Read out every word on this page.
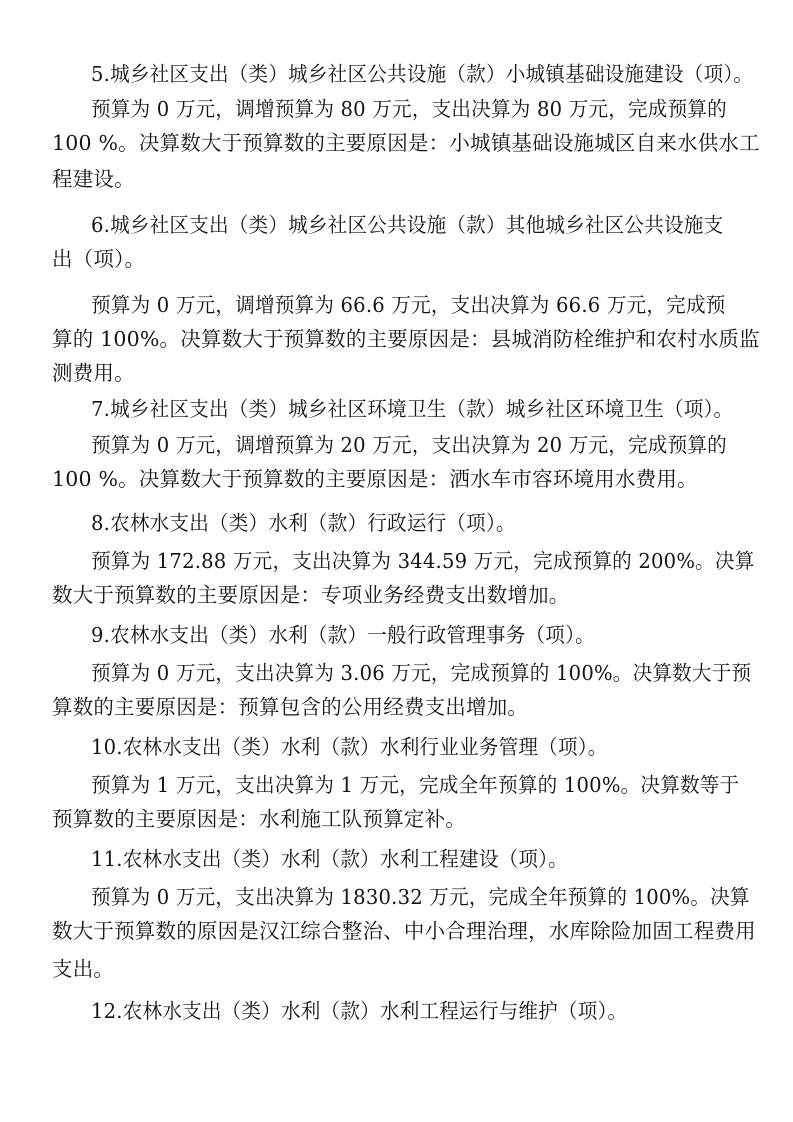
5.城乡社区支出（类）城乡社区公共设施（款）小城镇基础设施建设（项）。

预算为 0 万元，调增预算为 80 万元，支出决算为 80 万元，完成预算的

100 %。决算数大于预算数的主要原因是：小城镇基础设施城区自来水供水工

程建设。

6.城乡社区支出（类）城乡社区公共设施（款）其他城乡社区公共设施支

出（项）。

预算为 0 万元，调增预算为 66.6 万元，支出决算为 66.6 万元，完成预

算的 100%。决算数大于预算数的主要原因是：县城消防栓维护和农村水质监

测费用。

7.城乡社区支出（类）城乡社区环境卫生（款）城乡社区环境卫生（项）。

预算为 0 万元，调增预算为 20 万元，支出决算为 20 万元，完成预算的

100 %。决算数大于预算数的主要原因是：洒水车市容环境用水费用。

8.农林水支出（类）水利（款）行政运行（项）。

预算为 172.88 万元，支出决算为 344.59 万元，完成预算的 200%。决算

数大于预算数的主要原因是：专项业务经费支出数增加。

9.农林水支出（类）水利（款）一般行政管理事务（项）。

预算为 0 万元，支出决算为 3.06 万元，完成预算的 100%。决算数大于预

算数的主要原因是：预算包含的公用经费支出增加。

10.农林水支出（类）水利（款）水利行业业务管理（项）。

预算为 1 万元，支出决算为 1 万元，完成全年预算的 100%。决算数等于

预算数的主要原因是：水利施工队预算定补。

11.农林水支出（类）水利（款）水利工程建设（项）。

预算为 0 万元，支出决算为 1830.32 万元，完成全年预算的 100%。决算

数大于预算数的原因是汉江综合整治、中小合理治理，水库除险加固工程费用

支出。

12.农林水支出（类）水利（款）水利工程运行与维护（项）。
